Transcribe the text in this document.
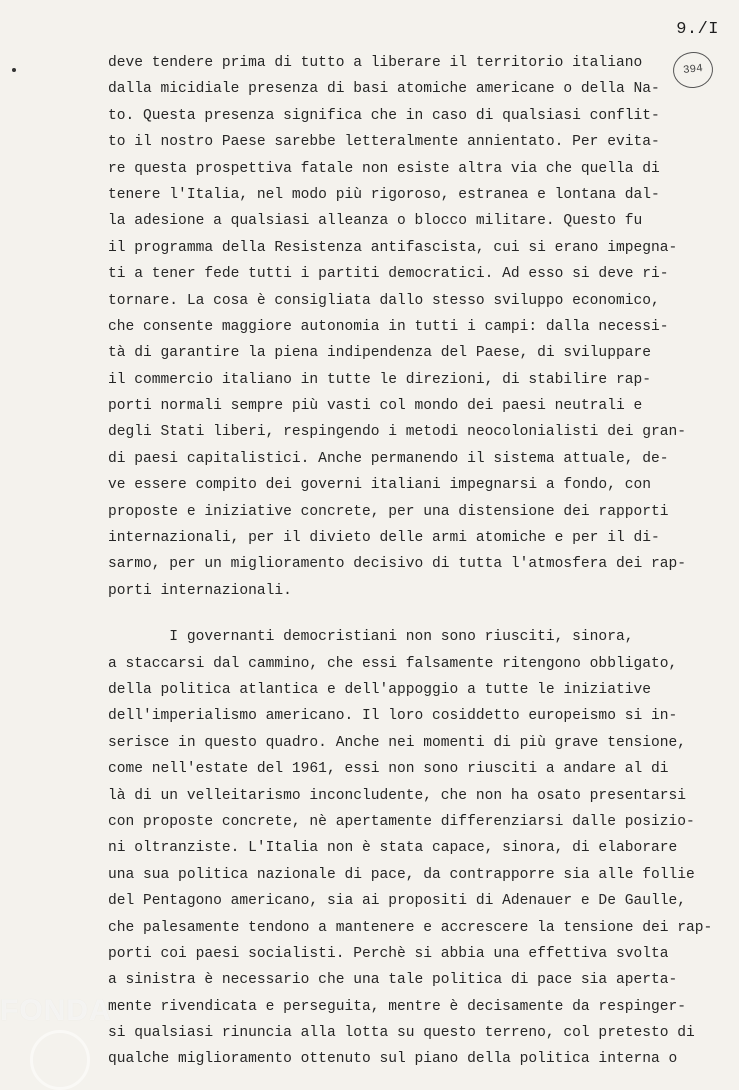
9./I
394
deve tendere prima di tutto a liberare il territorio italiano
dalla micidiale presenza di basi atomiche americane o della Na-
to. Questa presenza significa che in caso di qualsiasi conflit-
to il nostro Paese sarebbe letteralmente annientato. Per evita-
re questa prospettiva fatale non esiste altra via che quella di
tenere l'Italia, nel modo più rigoroso, estranea e lontana dal-
la adesione a qualsiasi alleanza o blocco militare. Questo fu
il programma della Resistenza antifascista, cui si erano impegna-
ti a tener fede tutti i partiti democratici. Ad esso si deve ri-
tornare. La cosa è consigliata dallo stesso sviluppo economico,
che consente maggiore autonomia in tutti i campi: dalla necessi-
tà di garantire la piena indipendenza del Paese, di sviluppare
il commercio italiano in tutte le direzioni, di stabilire rap-
porti normali sempre più vasti col mondo dei paesi neutrali e
degli Stati liberi, respingendo i metodi neocolonialisti dei gran-
di paesi capitalistici. Anche permanendo il sistema attuale, de-
ve essere compito dei governi italiani impegnarsi a fondo, con
proposte e iniziative concrete, per una distensione dei rapporti
internazionali, per il divieto delle armi atomiche e per il di-
sarmo, per un miglioramento decisivo di tutta l'atmosfera dei rap-
porti internazionali.
I governanti democristiani non sono riusciti, sinora,
a staccarsi dal cammino, che essi falsamente ritengono obbligato,
della politica atlantica e dell'appoggio a tutte le iniziative
dell'imperialismo americano. Il loro cosiddetto europeismo si in-
serisce in questo quadro. Anche nei momenti di più grave tensione,
come nell'estate del 1961, essi non sono riusciti a andare al di
là di un velleitarismo inconcludente, che non ha osato presentarsi
con proposte concrete, nè apertamente differenziarsi dalle posizio-
ni oltranziste. L'Italia non è stata capace, sinora, di elaborare
una sua politica nazionale di pace, da contrapporre sia alle follie
del Pentagono americano, sia ai propositi di Adenauer e De Gaulle,
che palesamente tendono a mantenere e accrescere la tensione dei rap-
porti coi paesi socialisti. Perchè si abbia una effettiva svolta
a sinistra è necessario che una tale politica di pace sia aperta-
mente rivendicata e perseguita, mentre è decisamente da respinger-
si qualsiasi rinuncia alla lotta su questo terreno, col pretesto di
qualche miglioramento ottenuto sul piano della politica interna o
FONDA
